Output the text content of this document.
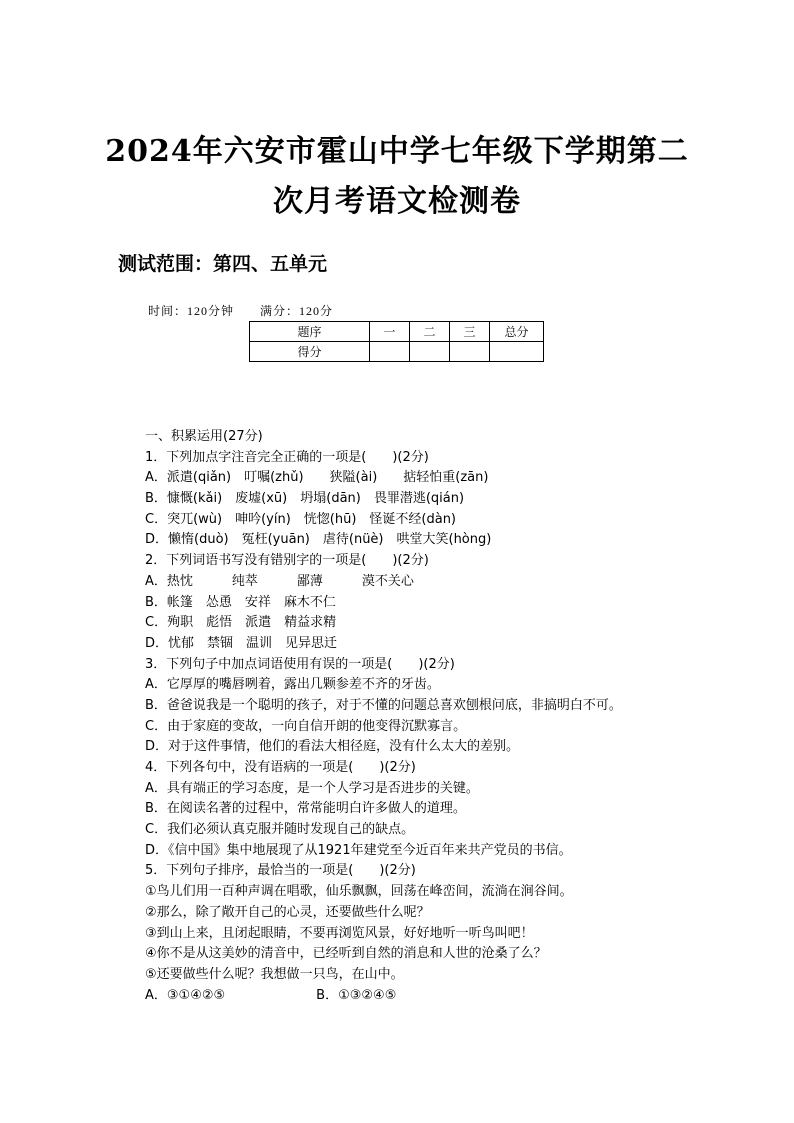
2024年六安市霍山中学七年级下学期第二
次月考语文检测卷
测试范围：第四、五单元
时间：120分钟 满分：120分
题序	一	二	三	总分
得分				
一、积累运用(27分)
1．下列加点字注音完全正确的一项是(　　)(2分)
A．派遣(qiǎn)　叮嘱(zhǔ)　　狭隘(ài)　　掂轻怕重(zān)
B．慷慨(kǎi)　废墟(xū)　坍塌(dān)　畏罪潜逃(qián)
C．突兀(wù)　呻吟(yín)　恍惚(hū)　怪诞不经(dàn)
D．懒惰(duò)　冤枉(yuān)　虐待(nüè)　哄堂大笑(hòng)
2．下列词语书写没有错别字的一项是(　　)(2分)
A．热忱　　　纯萃　　　鄙薄　　　漠不关心
B．帐篷　怂恿　安祥　麻木不仁
C．殉职　彪悟　派遣　精益求精
D．忧郁　禁锢　温训　见异思迁
3．下列句子中加点词语使用有误的一项是(　　)(2分)
A．它厚厚的嘴唇咧着，露出几颗参差不齐的牙齿。
B．爸爸说我是一个聪明的孩子，对于不懂的问题总喜欢刨根问底，非搞明白不可。
C．由于家庭的变故，一向自信开朗的他变得沉默寡言。
D．对于这件事情，他们的看法大相径庭，没有什么太大的差别。
4．下列各句中，没有语病的一项是(　　)(2分)
A．具有端正的学习态度，是一个人学习是否进步的关键。
B．在阅读名著的过程中，常常能明白许多做人的道理。
C．我们必须认真克服并随时发现自己的缺点。
D．《信中国》集中地展现了从1921年建党至今近百年来共产党员的书信。
5．下列句子排序，最恰当的一项是(　　)(2分)
①鸟儿们用一百种声调在唱歌，仙乐飘飘，回荡在峰峦间，流淌在涧谷间。
②那么，除了敞开自己的心灵，还要做些什么呢？
③到山上来，且闭起眼睛，不要再浏览风景，好好地听一听鸟叫吧！
④你不是从这美妙的清音中，已经听到自然的消息和人世的沧桑了么？
⑤还要做些什么呢？我想做一只鸟，在山中。
A．③①④②⑤　　　　　　　B．①③②④⑤
